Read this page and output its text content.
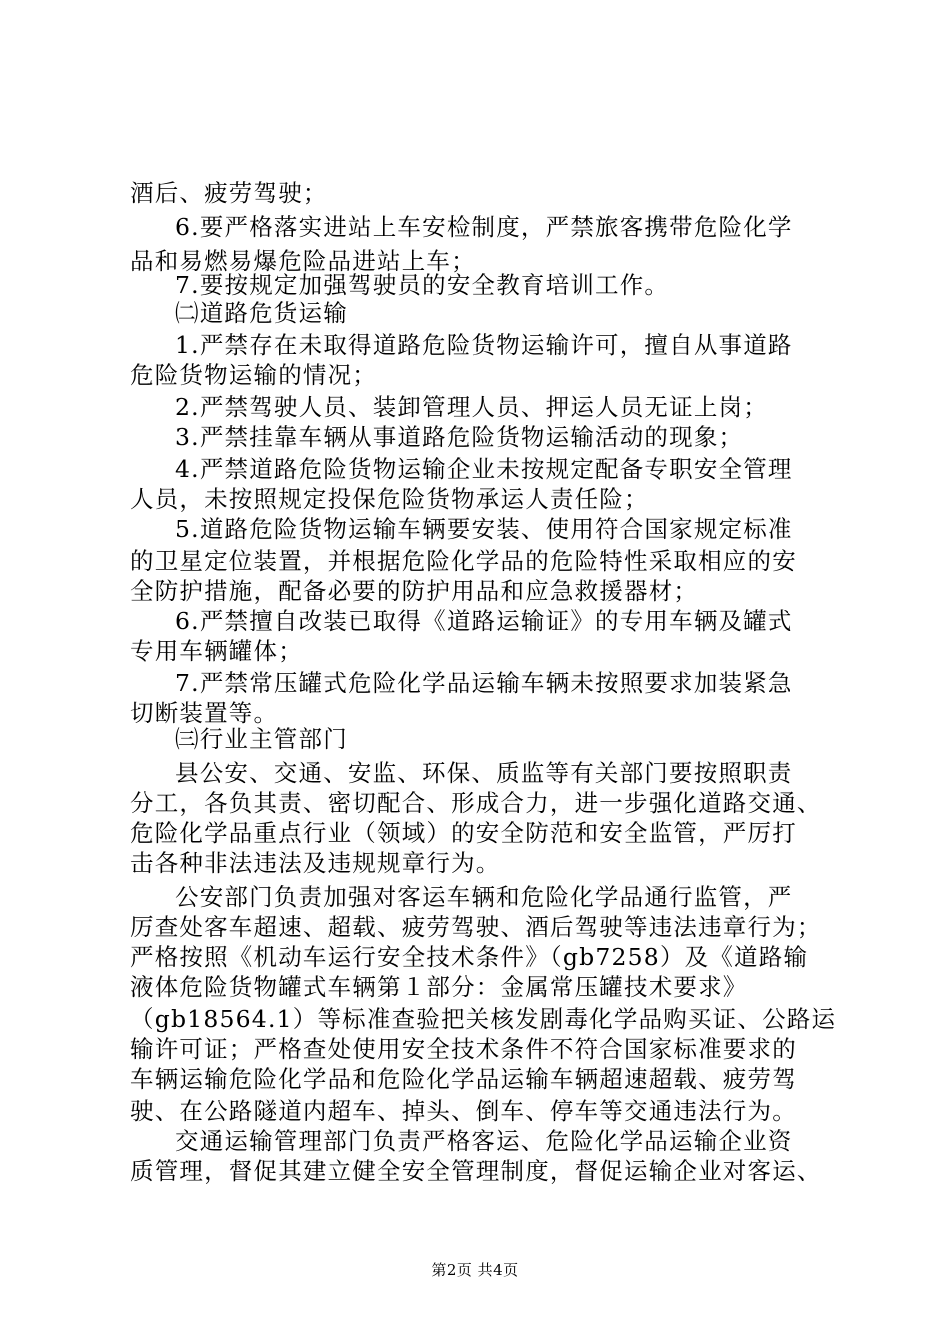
酒后、疲劳驾驶；
6.要严格落实进站上车安检制度，严禁旅客携带危险化学
品和易燃易爆危险品进站上车；
7.要按规定加强驾驶员的安全教育培训工作。
㈡道路危货运输
1.严禁存在未取得道路危险货物运输许可，擅自从事道路
危险货物运输的情况；
2.严禁驾驶人员、装卸管理人员、押运人员无证上岗；
3.严禁挂靠车辆从事道路危险货物运输活动的现象；
4.严禁道路危险货物运输企业未按规定配备专职安全管理
人员，未按照规定投保危险货物承运人责任险；
5.道路危险货物运输车辆要安装、使用符合国家规定标准
的卫星定位装置，并根据危险化学品的危险特性采取相应的安
全防护措施，配备必要的防护用品和应急救援器材；
6.严禁擅自改装已取得《道路运输证》的专用车辆及罐式
专用车辆罐体；
7.严禁常压罐式危险化学品运输车辆未按照要求加装紧急
切断装置等。
㈢行业主管部门
县公安、交通、安监、环保、质监等有关部门要按照职责
分工，各负其责、密切配合、形成合力，进一步强化道路交通、
危险化学品重点行业（领域）的安全防范和安全监管，严厉打
击各种非法违法及违规规章行为。
公安部门负责加强对客运车辆和危险化学品通行监管，严
厉查处客车超速、超载、疲劳驾驶、酒后驾驶等违法违章行为；
严格按照《机动车运行安全技术条件》（gb7258）及《道路输
液体危险货物罐式车辆第１部分：金属常压罐技术要求》
（gb18564.1）等标准查验把关核发剧毒化学品购买证、公路运
输许可证；严格查处使用安全技术条件不符合国家标准要求的
车辆运输危险化学品和危险化学品运输车辆超速超载、疲劳驾
驶、在公路隧道内超车、掉头、倒车、停车等交通违法行为。
交通运输管理部门负责严格客运、危险化学品运输企业资
质管理，督促其建立健全安全管理制度，督促运输企业对客运、
第2页 共4页
